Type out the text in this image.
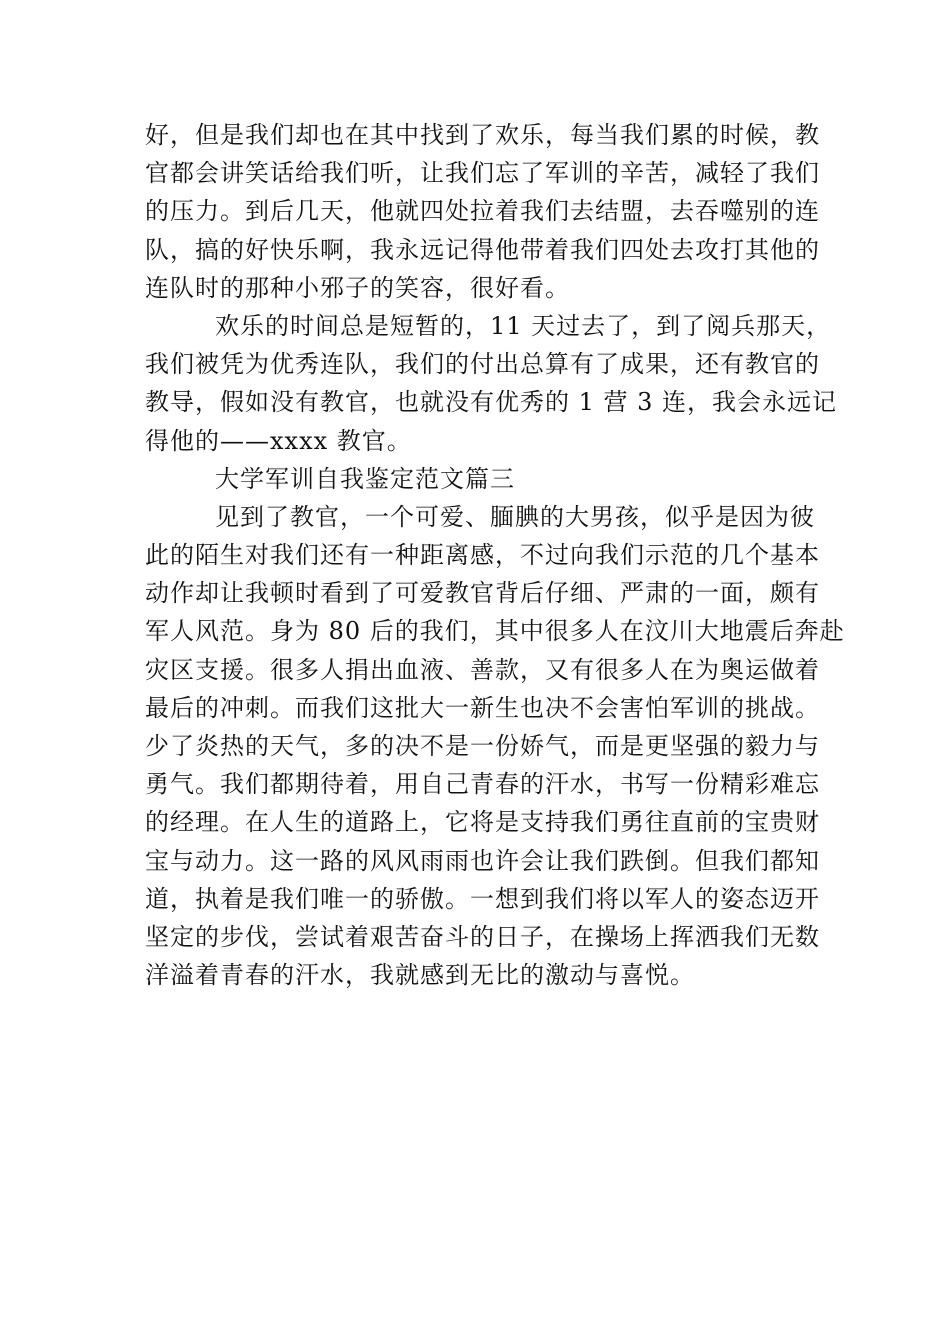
好，但是我们却也在其中找到了欢乐，每当我们累的时候，教
官都会讲笑话给我们听，让我们忘了军训的辛苦，减轻了我们
的压力。到后几天，他就四处拉着我们去结盟，去吞噬别的连
队，搞的好快乐啊，我永远记得他带着我们四处去攻打其他的
连队时的那种小邪子的笑容，很好看。
欢乐的时间总是短暂的，11 天过去了，到了阅兵那天，
我们被凭为优秀连队，我们的付出总算有了成果，还有教官的
教导，假如没有教官，也就没有优秀的 1 营 3 连，我会永远记
得他的——xxxx 教官。
大学军训自我鉴定范文篇三
见到了教官，一个可爱、腼腆的大男孩，似乎是因为彼
此的陌生对我们还有一种距离感，不过向我们示范的几个基本
动作却让我顿时看到了可爱教官背后仔细、严肃的一面，颇有
军人风范。身为 80 后的我们，其中很多人在汶川大地震后奔赴
灾区支援。很多人捐出血液、善款，又有很多人在为奥运做着
最后的冲刺。而我们这批大一新生也决不会害怕军训的挑战。
少了炎热的天气，多的决不是一份娇气，而是更坚强的毅力与
勇气。我们都期待着，用自己青春的汗水，书写一份精彩难忘
的经理。在人生的道路上，它将是支持我们勇往直前的宝贵财
宝与动力。这一路的风风雨雨也许会让我们跌倒。但我们都知
道，执着是我们唯一的骄傲。一想到我们将以军人的姿态迈开
坚定的步伐，尝试着艰苦奋斗的日子，在操场上挥洒我们无数
洋溢着青春的汗水，我就感到无比的激动与喜悦。
